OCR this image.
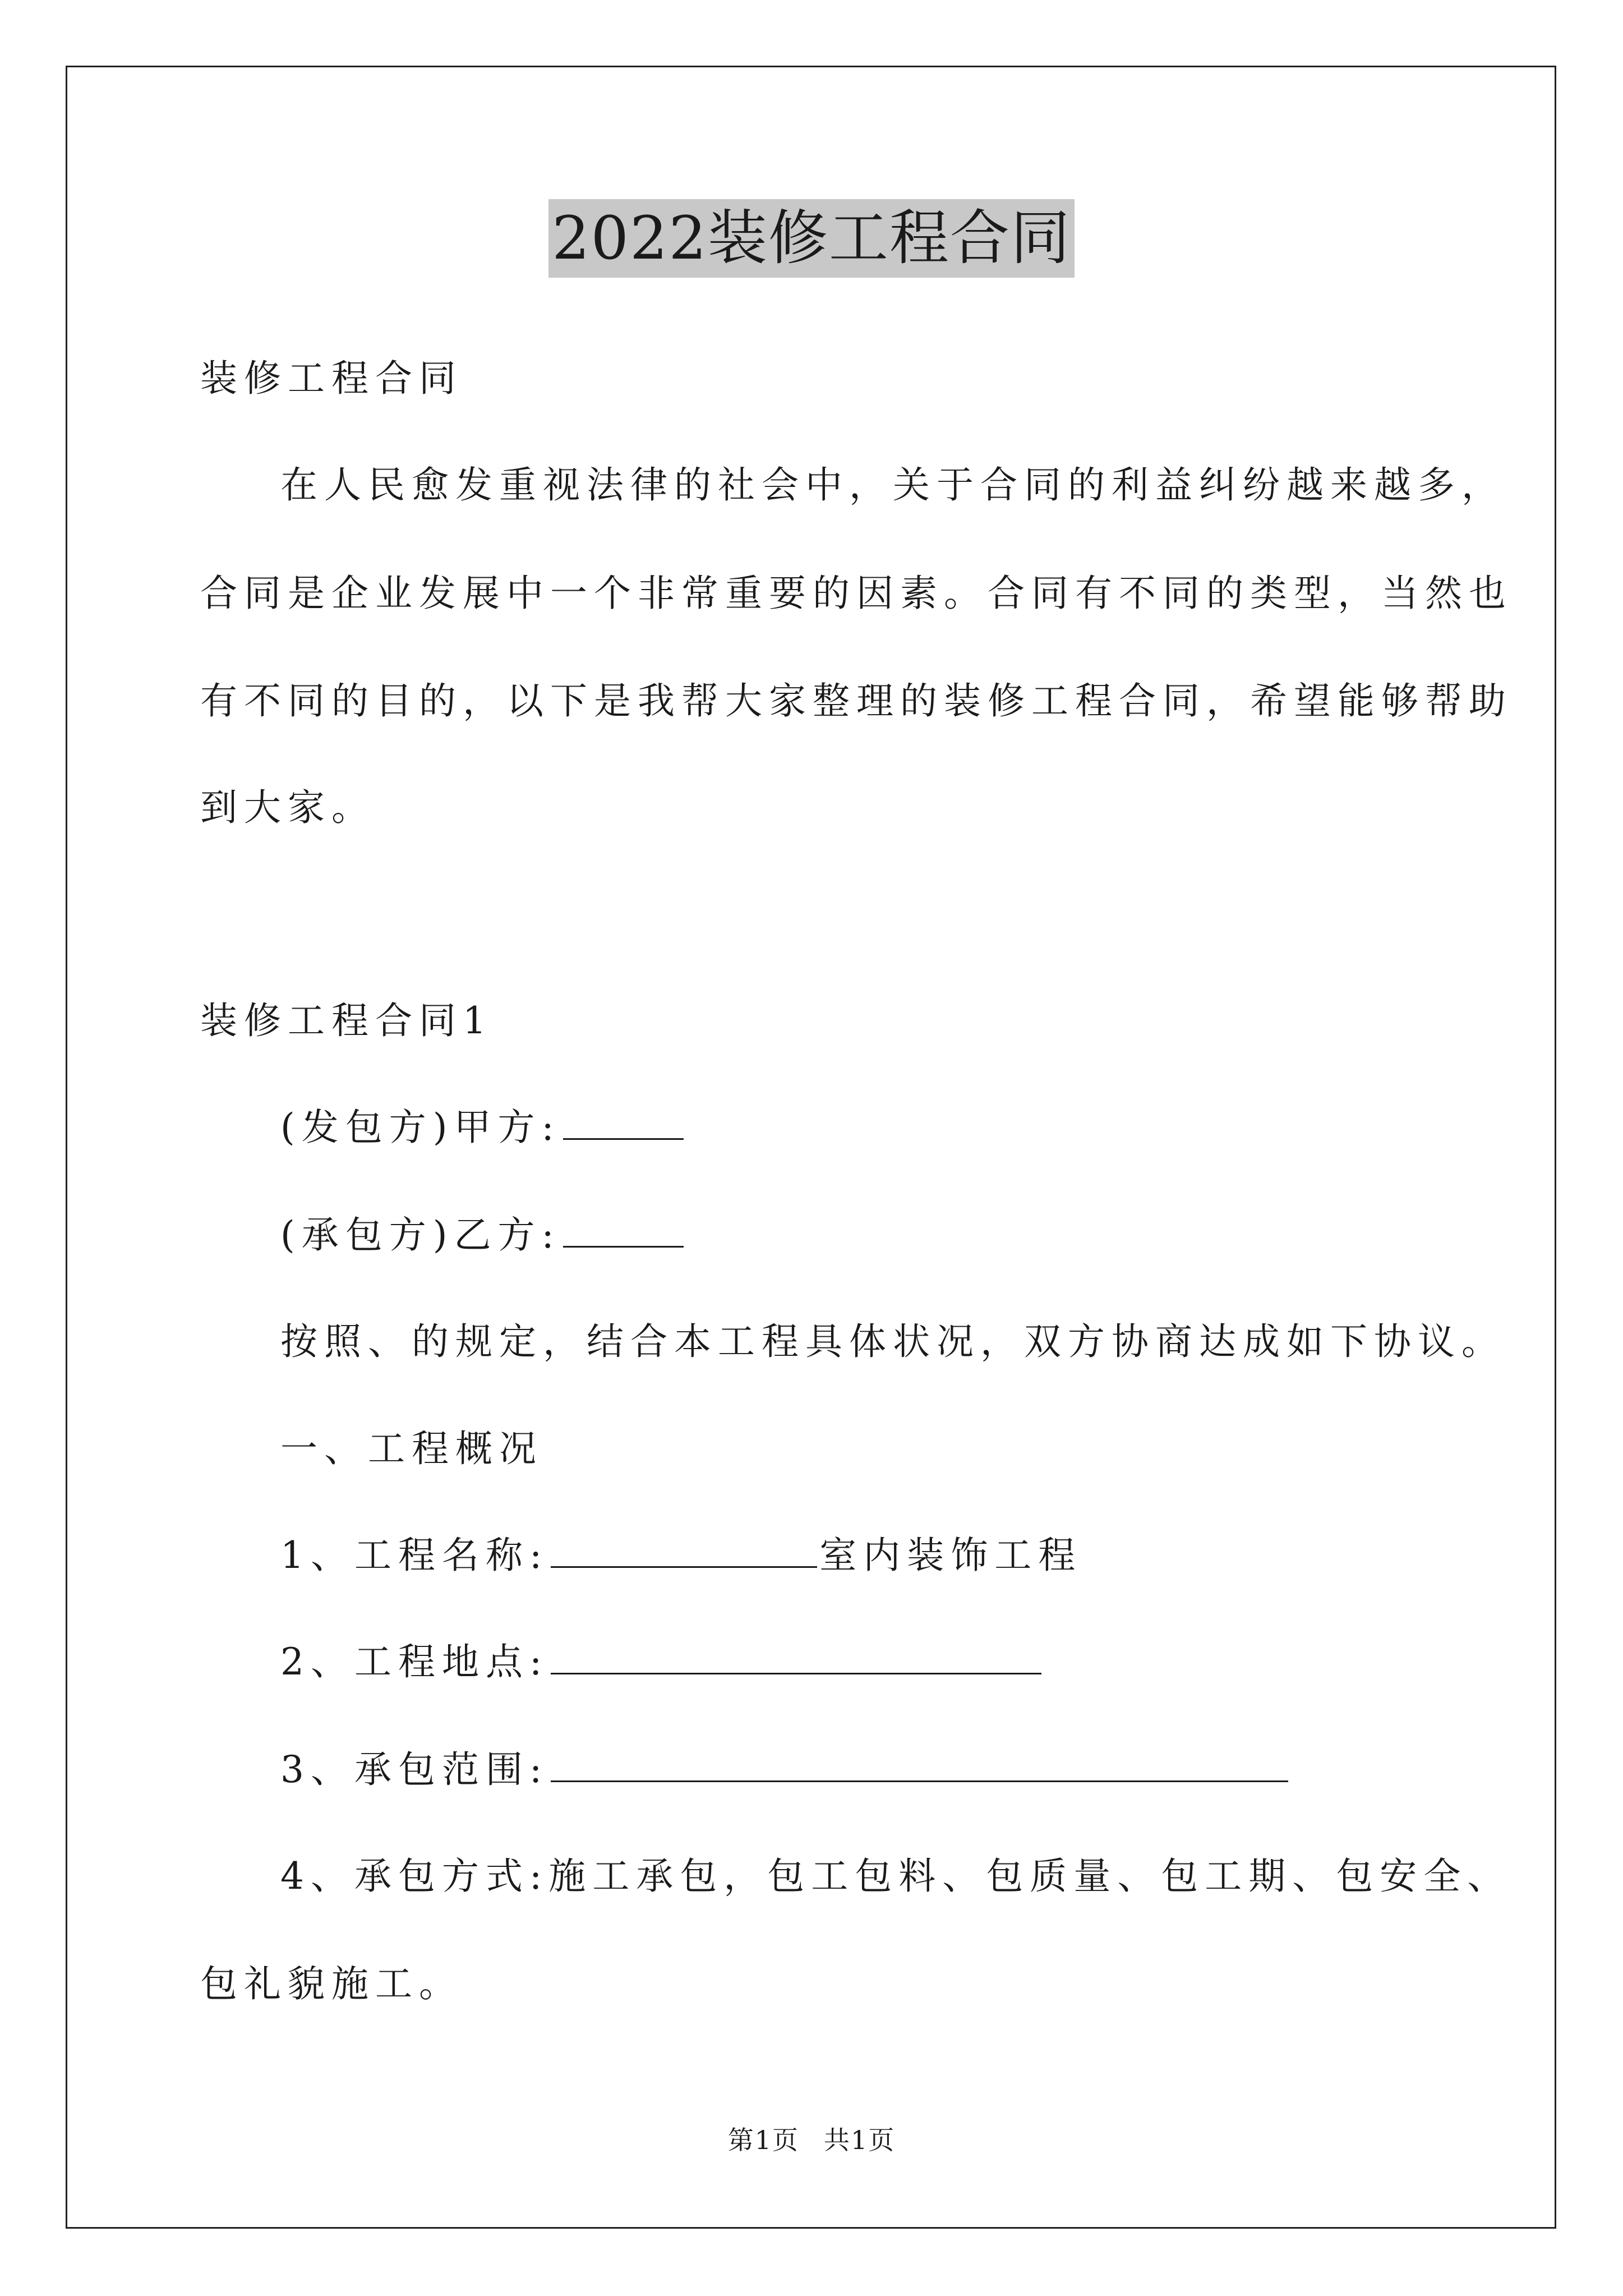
2022装修工程合同
装修工程合同
在人民愈发重视法律的社会中，关于合同的利益纠纷越来越多，
合同是企业发展中一个非常重要的因素。合同有不同的类型，当然也
有不同的目的，以下是我帮大家整理的装修工程合同，希望能够帮助
到大家。
装修工程合同1
(发包方)甲方:
(承包方)乙方:
按照、的规定，结合本工程具体状况，双方协商达成如下协议。
一、工程概况
1、工程名称:	室内装饰工程
2、工程地点:
3、承包范围:
4、承包方式:施工承包，包工包料、包质量、包工期、包安全、
包礼貌施工。
第1页 共1页
